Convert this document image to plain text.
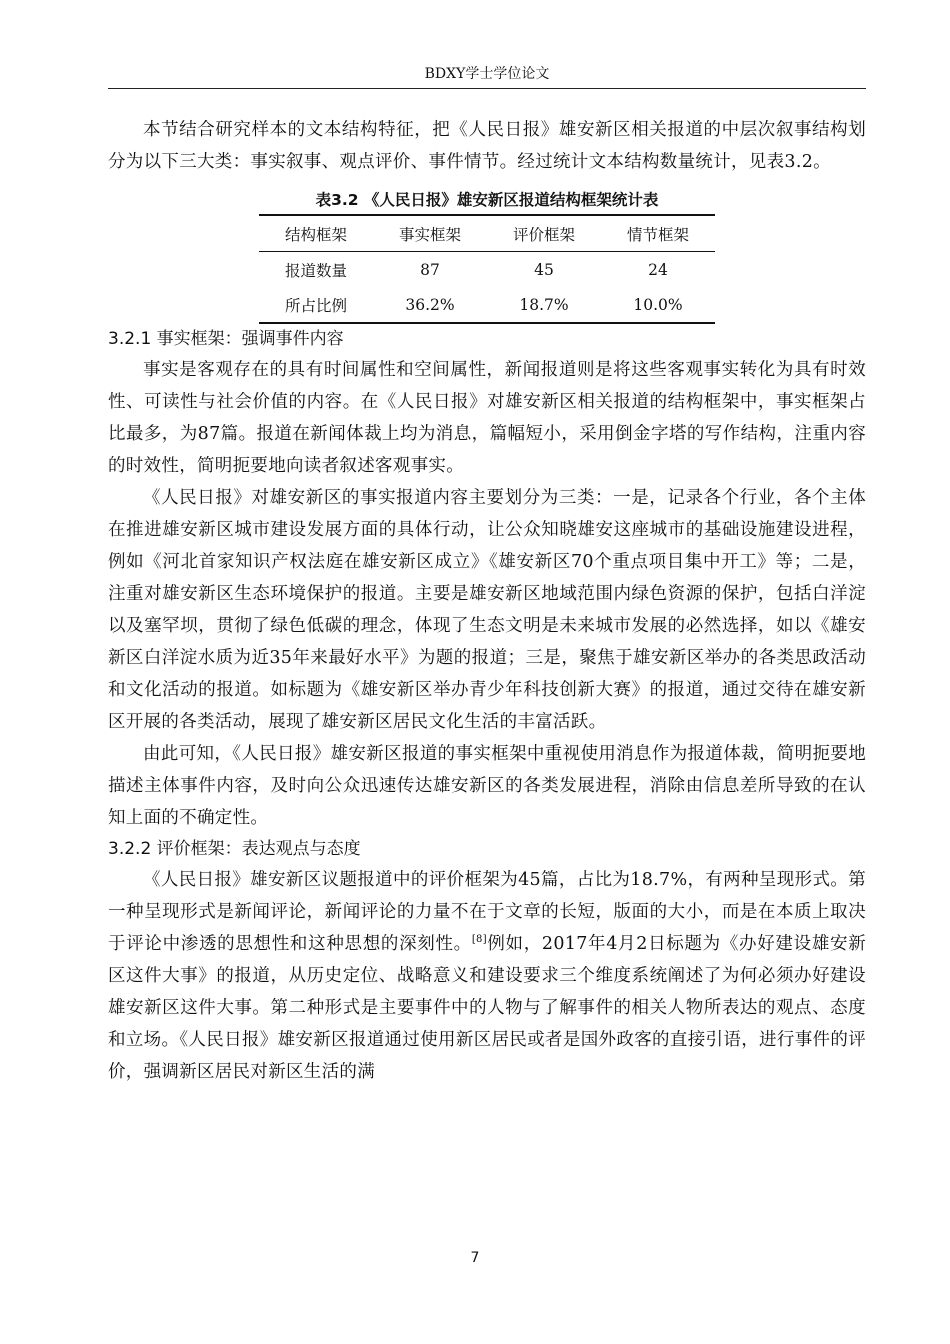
BDXY学士学位论文

本节结合研究样本的文本结构特征，把《人民日报》雄安新区相关报道的中层次叙事结构划分为以下三大类：事实叙事、观点评价、事件情节。经过统计文本结构数量统计，见表3.2。

表3.2 《人民日报》雄安新区报道结构框架统计表
结构框架	事实框架	评价框架	情节框架
报道数量	87	45	24
所占比例	36.2%	18.7%	10.0%
3.2.1 事实框架：强调事件内容

事实是客观存在的具有时间属性和空间属性，新闻报道则是将这些客观事实转化为具有时效性、可读性与社会价值的内容。在《人民日报》对雄安新区相关报道的结构框架中，事实框架占比最多，为87篇。报道在新闻体裁上均为消息，篇幅短小，采用倒金字塔的写作结构，注重内容的时效性，简明扼要地向读者叙述客观事实。

《人民日报》对雄安新区的事实报道内容主要划分为三类：一是，记录各个行业，各个主体在推进雄安新区城市建设发展方面的具体行动，让公众知晓雄安这座城市的基础设施建设进程，例如《河北首家知识产权法庭在雄安新区成立》《雄安新区70个重点项目集中开工》等；二是，注重对雄安新区生态环境保护的报道。主要是雄安新区地域范围内绿色资源的保护，包括白洋淀以及塞罕坝，贯彻了绿色低碳的理念，体现了生态文明是未来城市发展的必然选择，如以《雄安新区白洋淀水质为近35年来最好水平》为题的报道；三是，聚焦于雄安新区举办的各类思政活动和文化活动的报道。如标题为《雄安新区举办青少年科技创新大赛》的报道，通过交待在雄安新区开展的各类活动，展现了雄安新区居民文化生活的丰富活跃。

由此可知，《人民日报》雄安新区报道的事实框架中重视使用消息作为报道体裁，简明扼要地描述主体事件内容，及时向公众迅速传达雄安新区的各类发展进程，消除由信息差所导致的在认知上面的不确定性。

3.2.2 评价框架：表达观点与态度

《人民日报》雄安新区议题报道中的评价框架为45篇，占比为18.7%，有两种呈现形式。第一种呈现形式是新闻评论，新闻评论的力量不在于文章的长短，版面的大小，而是在本质上取决于评论中渗透的思想性和这种思想的深刻性。[8]例如，2017年4月2日标题为《办好建设雄安新区这件大事》的报道，从历史定位、战略意义和建设要求三个维度系统阐述了为何必须办好建设雄安新区这件大事。第二种形式是主要事件中的人物与了解事件的相关人物所表达的观点、态度和立场。《人民日报》雄安新区报道通过使用新区居民或者是国外政客的直接引语，进行事件的评价，强调新区居民对新区生活的满

7
